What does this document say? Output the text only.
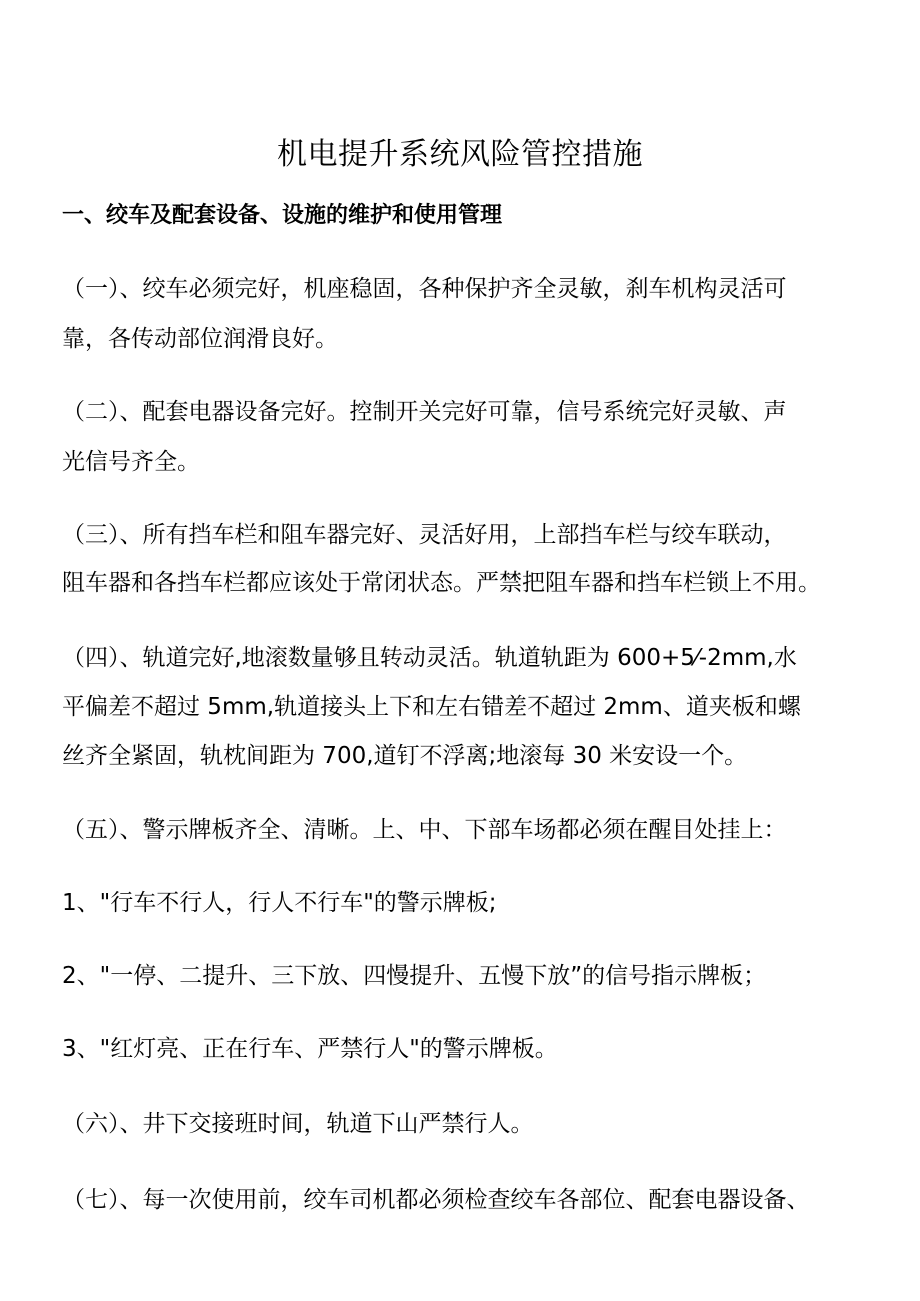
机电提升系统风险管控措施
一、绞车及配套设备、设施的维护和使用管理
（一）、绞车必须完好，机座稳固，各种保护齐全灵敏，刹车机构灵活可
靠，各传动部位润滑良好。
（二）、配套电器设备完好。控制开关完好可靠，信号系统完好灵敏、声
光信号齐全。
（三）、所有挡车栏和阻车器完好、灵活好用，上部挡车栏与绞车联动，
阻车器和各挡车栏都应该处于常闭状态。严禁把阻车器和挡车栏锁上不用。
（四）、轨道完好,地滚数量够且转动灵活。轨道轨距为 600+5⁄-2mm,水
平偏差不超过 5mm,轨道接头上下和左右错差不超过 2mm、道夹板和螺
丝齐全紧固，轨枕间距为 700,道钉不浮离;地滚每 30 米安设一个。
（五）、警示牌板齐全、清晰。上、中、下部车场都必须在醒目处挂上：
1、"行车不行人，行人不行车"的警示牌板;
2、"一停、二提升、三下放、四慢提升、五慢下放”的信号指示牌板；
3、"红灯亮、正在行车、严禁行人"的警示牌板。
（六）、井下交接班时间，轨道下山严禁行人。
（七）、每一次使用前，绞车司机都必须检查绞车各部位、配套电器设备、
